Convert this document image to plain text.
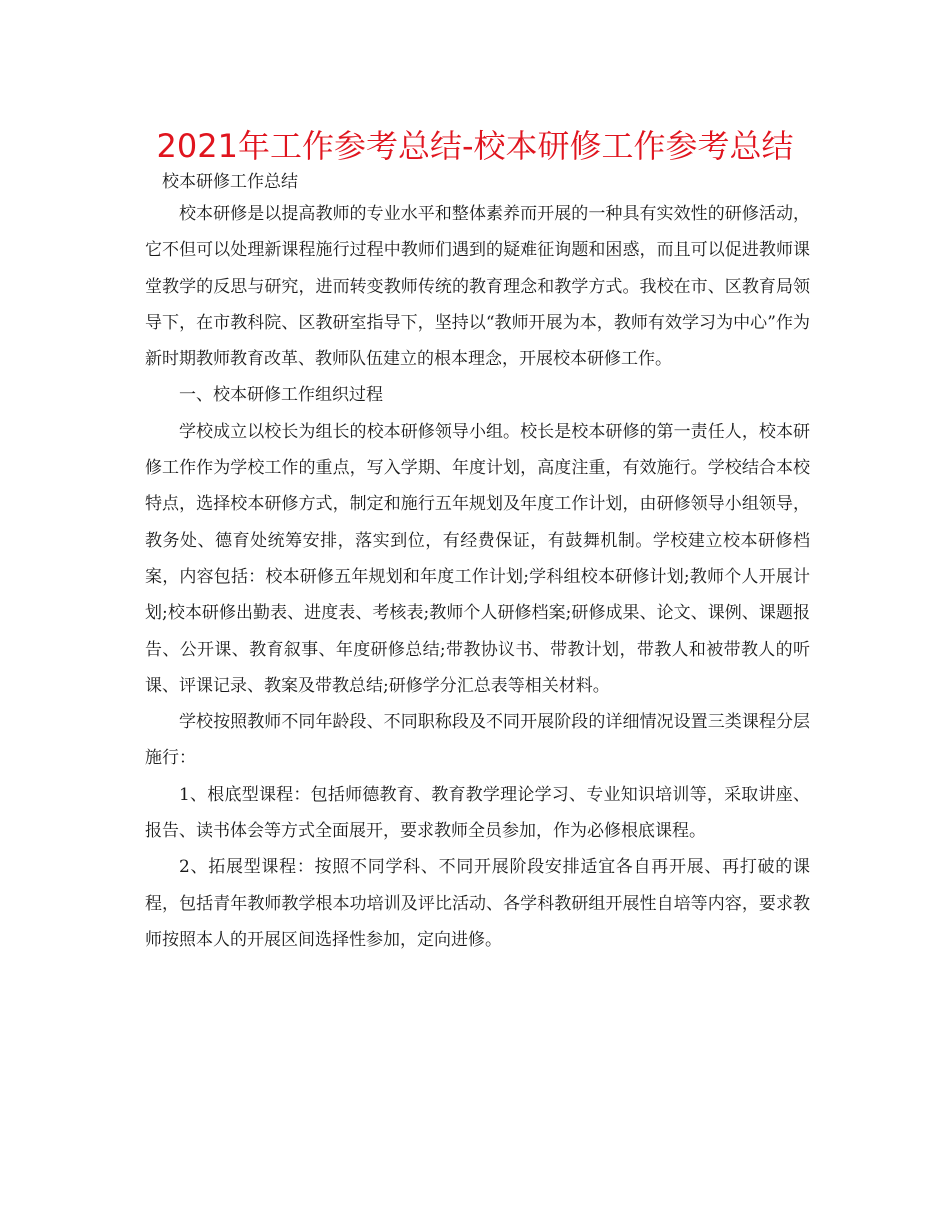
2021年工作参考总结-校本研修工作参考总结
校本研修工作总结

校本研修是以提高教师的专业水平和整体素养而开展的一种具有实效性的研修活动，它不但可以处理新课程施行过程中教师们遇到的疑难征询题和困惑，而且可以促进教师课堂教学的反思与研究，进而转变教师传统的教育理念和教学方式。我校在市、区教育局领导下，在市教科院、区教研室指导下，坚持以“教师开展为本，教师有效学习为中心”作为新时期教师教育改革、教师队伍建立的根本理念，开展校本研修工作。

一、校本研修工作组织过程

学校成立以校长为组长的校本研修领导小组。校长是校本研修的第一责任人，校本研修工作作为学校工作的重点，写入学期、年度计划，高度注重，有效施行。学校结合本校特点，选择校本研修方式，制定和施行五年规划及年度工作计划，由研修领导小组领导，教务处、德育处统筹安排，落实到位，有经费保证，有鼓舞机制。学校建立校本研修档案，内容包括：校本研修五年规划和年度工作计划;学科组校本研修计划;教师个人开展计划;校本研修出勤表、进度表、考核表;教师个人研修档案;研修成果、论文、课例、课题报告、公开课、教育叙事、年度研修总结;带教协议书、带教计划，带教人和被带教人的听课、评课记录、教案及带教总结;研修学分汇总表等相关材料。

学校按照教师不同年龄段、不同职称段及不同开展阶段的详细情况设置三类课程分层施行：

1、根底型课程：包括师德教育、教育教学理论学习、专业知识培训等，采取讲座、报告、读书体会等方式全面展开，要求教师全员参加，作为必修根底课程。

2、拓展型课程：按照不同学科、不同开展阶段安排适宜各自再开展、再打破的课程，包括青年教师教学根本功培训及评比活动、各学科教研组开展性自培等内容，要求教师按照本人的开展区间选择性参加，定向进修。
